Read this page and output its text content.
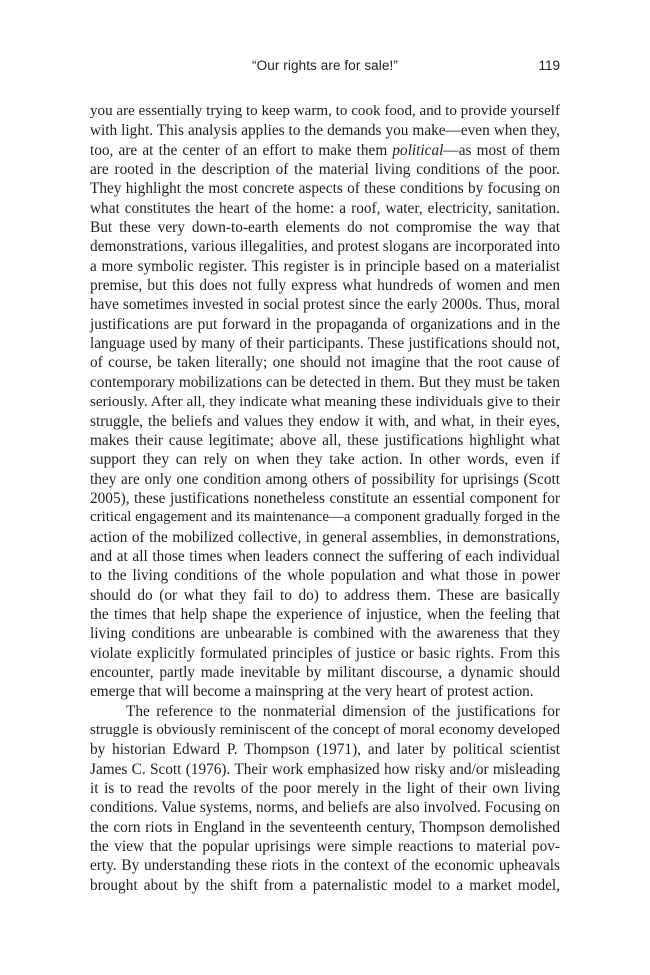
“Our rights are for sale!”	119
you are essentially trying to keep warm, to cook food, and to provide yourself
with light. This analysis applies to the demands you make—even when they,
too, are at the center of an effort to make them political—as most of them
are rooted in the description of the material living conditions of the poor.
They highlight the most concrete aspects of these conditions by focusing on
what constitutes the heart of the home: a roof, water, electricity, sanitation.
But these very down-to-earth elements do not compromise the way that
demonstrations, various illegalities, and protest slogans are incorporated into
a more symbolic register. This register is in principle based on a materialist
premise, but this does not fully express what hundreds of women and men
have sometimes invested in social protest since the early 2000s. Thus, moral
justifications are put forward in the propaganda of organizations and in the
language used by many of their participants. These justifications should not,
of course, be taken literally; one should not imagine that the root cause of
contemporary mobilizations can be detected in them. But they must be taken
seriously. After all, they indicate what meaning these individuals give to their
struggle, the beliefs and values they endow it with, and what, in their eyes,
makes their cause legitimate; above all, these justifications highlight what
support they can rely on when they take action. In other words, even if
they are only one condition among others of possibility for uprisings (Scott
2005), these justifications nonetheless constitute an essential component for
critical engagement and its maintenance—a component gradually forged in the
action of the mobilized collective, in general assemblies, in demonstrations,
and at all those times when leaders connect the suffering of each individual
to the living conditions of the whole population and what those in power
should do (or what they fail to do) to address them. These are basically
the times that help shape the experience of injustice, when the feeling that
living conditions are unbearable is combined with the awareness that they
violate explicitly formulated principles of justice or basic rights. From this
encounter, partly made inevitable by militant discourse, a dynamic should
emerge that will become a mainspring at the very heart of protest action.
The reference to the nonmaterial dimension of the justifications for
struggle is obviously reminiscent of the concept of moral economy developed
by historian Edward P. Thompson (1971), and later by political scientist
James C. Scott (1976). Their work emphasized how risky and/or misleading
it is to read the revolts of the poor merely in the light of their own living
conditions. Value systems, norms, and beliefs are also involved. Focusing on
the corn riots in England in the seventeenth century, Thompson demolished
the view that the popular uprisings were simple reactions to material pov-
erty. By understanding these riots in the context of the economic upheavals
brought about by the shift from a paternalistic model to a market model,
